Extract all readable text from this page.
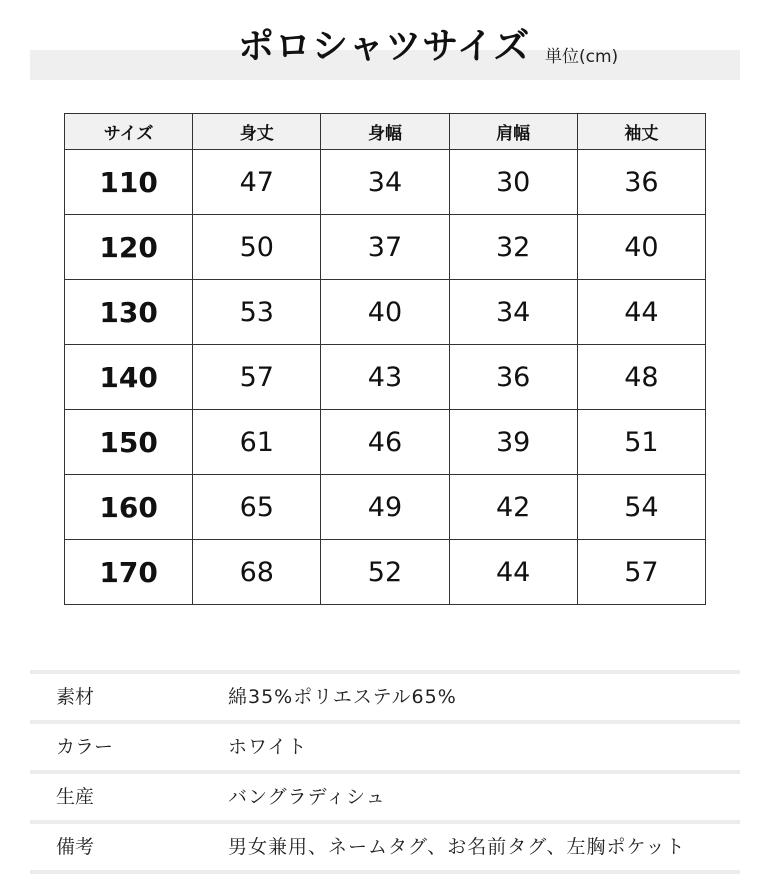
ポロシャツサイズ 単位(cm)
サイズ	身丈	身幅	肩幅	袖丈
110	47	34	30	36
120	50	37	32	40
130	53	40	34	44
140	57	43	36	48
150	61	46	39	51
160	65	49	42	54
170	68	52	44	57
素材	綿35%ポリエステル65%
カラー	ホワイト
生産	バングラディシュ
備考	男女兼用、ネームタグ、お名前タグ、左胸ポケット
